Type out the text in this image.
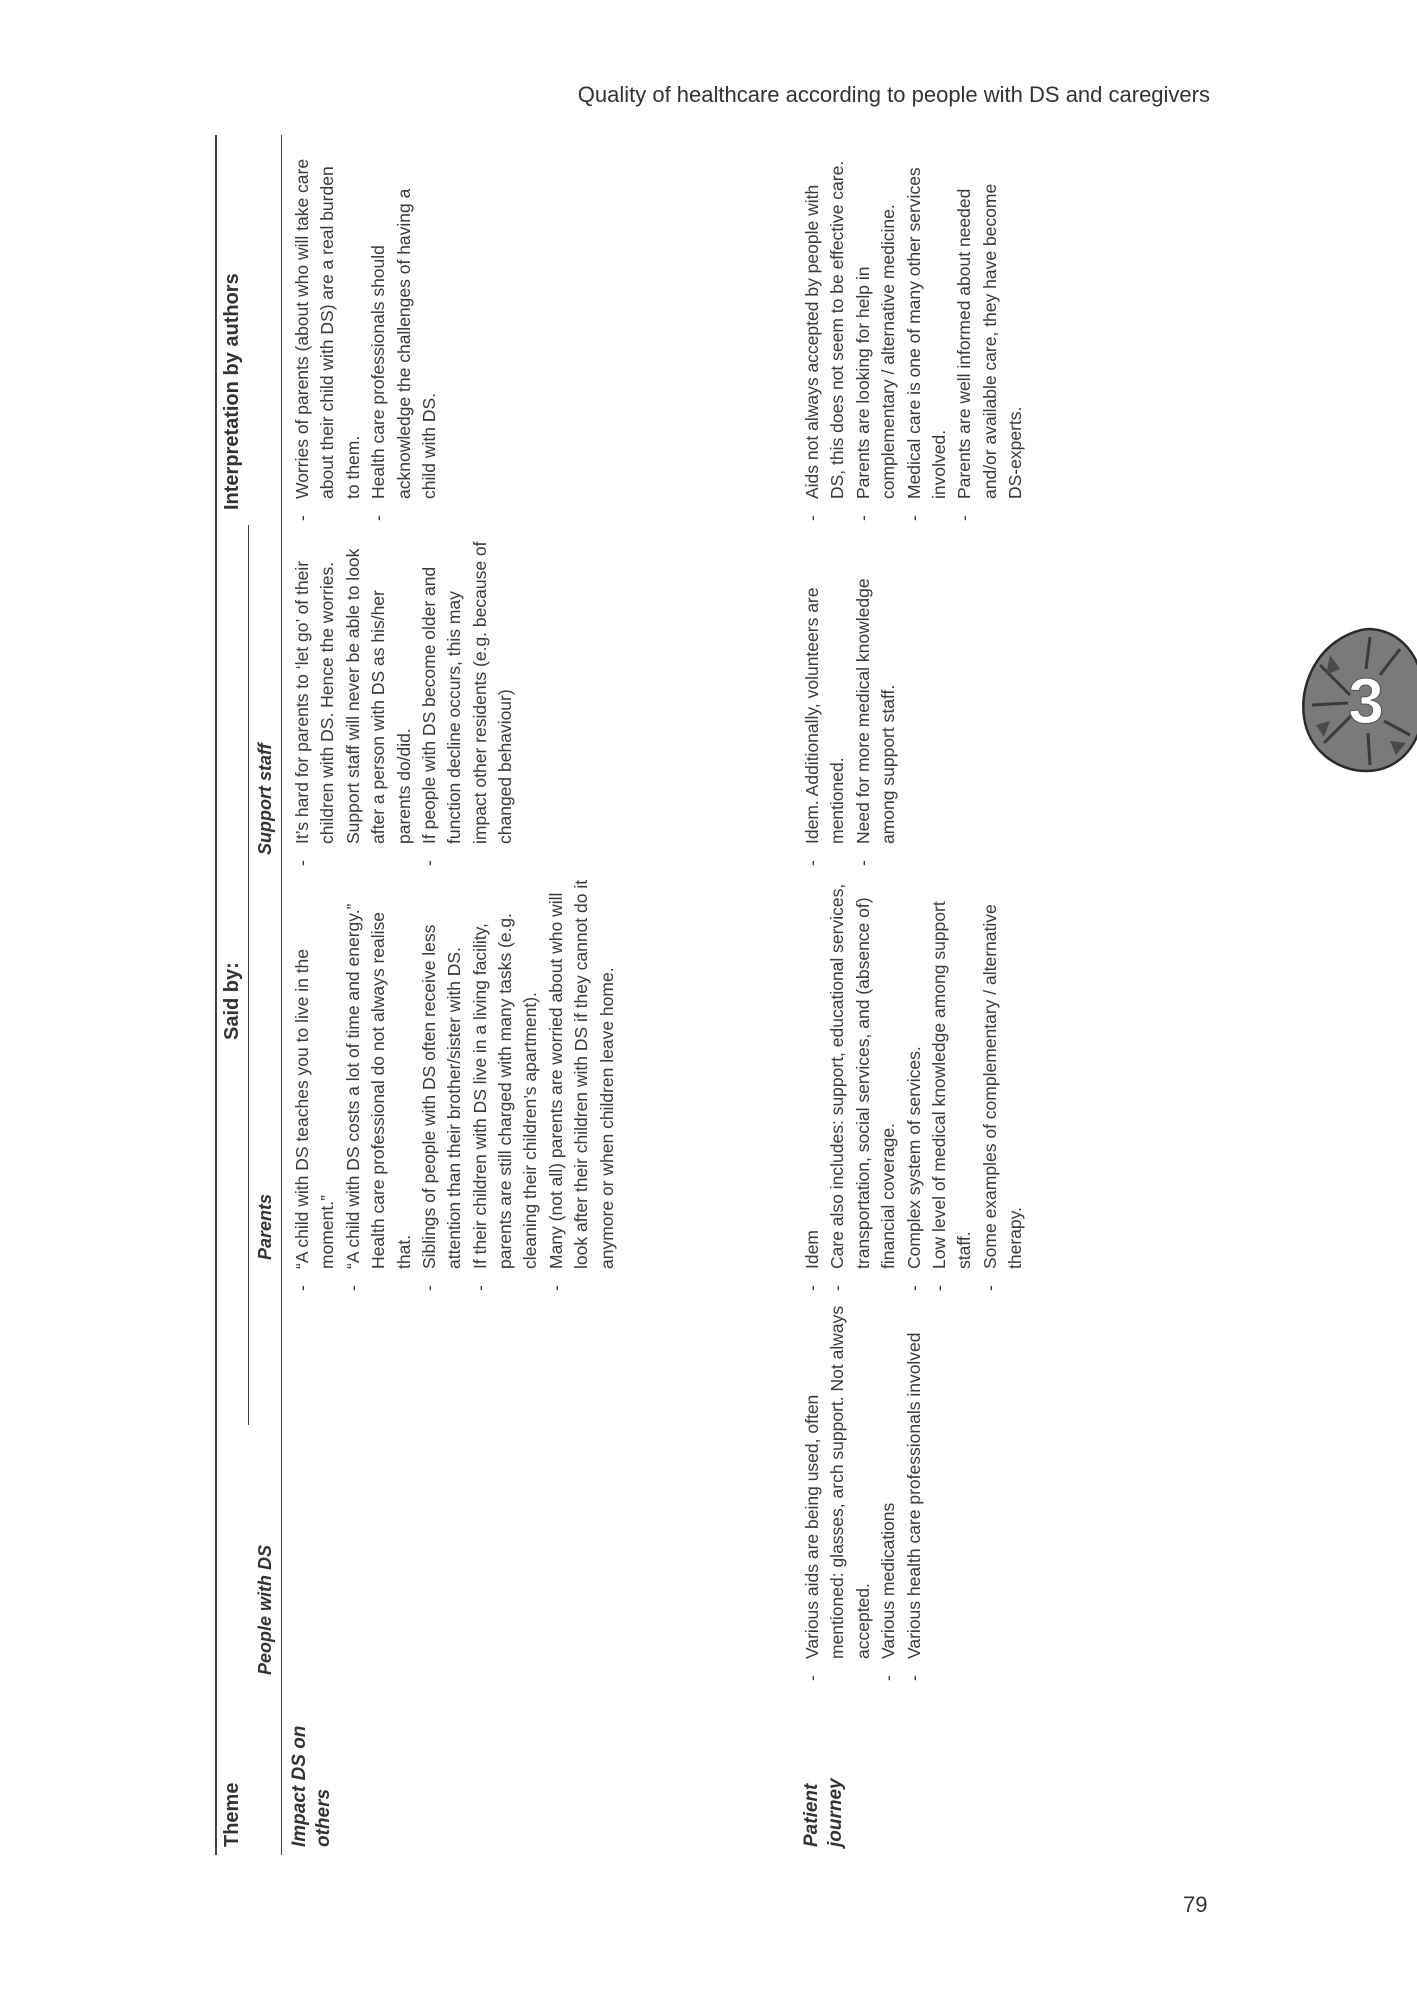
Quality of healthcare according to people with DS and caregivers
Theme
Said by:
Interpretation by authors
People with DS
Parents
Support staff
Impact DS on others
- “A child with DS teaches you to live in the moment.” - “A child with DS costs a lot of time and energy.” Health care professional do not always realise that. - Siblings of people with DS often receive less attention than their brother/sister with DS. - If their children with DS live in a living facility, parents are still charged with many tasks (e.g. cleaning their children’s apartment). - Many (not all) parents are worried about who will look after their children with DS if they cannot do it anymore or when children leave home.
- It’s hard for parents to ‘let go’ of their children with DS. Hence the worries. Support staff will never be able to look after a person with DS as his/her parents do/did. - If people with DS become older and function decline occurs, this may impact other residents (e.g. because of changed behaviour)
- Worries of parents (about who will take care about their child with DS) are a real burden to them. - Health care professionals should acknowledge the challenges of having a child with DS.
Patient journey
- Various aids are being used, often mentioned: glasses, arch support. Not always accepted. - Various medications - Various health care professionals involved
- Idem - Care also includes: support, educational services, transportation, social services, and (absence of) financial coverage. - Complex system of services. - Low level of medical knowledge among support staff. - Some examples of complementary / alternative therapy.
- Idem. Additionally, volunteers are mentioned. - Need for more medical knowledge among support staff.
- Aids not always accepted by people with DS, this does not seem to be effective care. - Parents are looking for help in complementary / alternative medicine. - Medical care is one of many other services involved. - Parents are well informed about needed and/or available care, they have become DS-experts.
3
79
